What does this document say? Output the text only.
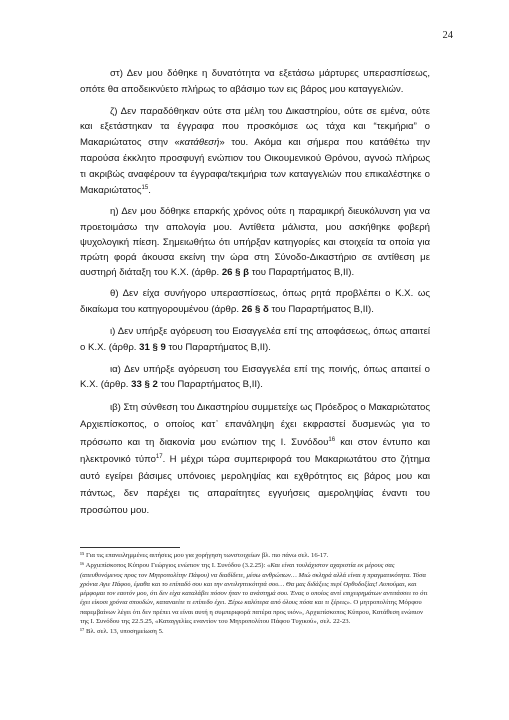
24

στ) Δεν μου δόθηκε η δυνατότητα να εξετάσω μάρτυρες υπερασπίσεως, οπότε θα αποδεικνύετο πλήρως το αβάσιμο των εις βάρος μου καταγγελιών.

ζ) Δεν παραδόθηκαν ούτε στα μέλη του Δικαστηρίου, ούτε σε εμένα, ούτε και εξετάστηκαν τα έγγραφα που προσκόμισε ως τάχα και “τεκμήρια” ο Μακαριώτατος στην «κατάθεσή» του. Ακόμα και σήμερα που κατάθέτω την παρούσα έκκλητο προσφυγή ενώπιον του Οικουμενικού Θρόνου, αγνοώ πλήρως τι ακριβώς αναφέρουν τα έγγραφα/τεκμήρια των καταγγελιών που επικαλέστηκε ο Μακαριώτατος$^{15}$.

η) Δεν μου δόθηκε επαρκής χρόνος ούτε η παραμικρή διευκόλυνση για να προετοιμάσω την απολογία μου. Αντίθετα μάλιστα, μου ασκήθηκε φοβερή ψυχολογική πίεση. Σημειωθήτω ότι υπήρξαν κατηγορίες και στοιχεία τα οποία για πρώτη φορά άκουσα εκείνη την ώρα στη Σύνοδο-Δικαστήριο σε αντίθεση με αυστηρή διάταξη του Κ.Χ. (άρθρ. 26 § β του Παραρτήματος Β,ΙΙ).

θ) Δεν είχα συνήγορο υπερασπίσεως, όπως ρητά προβλέπει ο Κ.Χ. ως δικαίωμα του κατηγορουμένου (άρθρ. 26 § δ του Παραρτήματος Β,ΙΙ).

ι) Δεν υπήρξε αγόρευση του Εισαγγελέα επί της αποφάσεως, όπως απαιτεί ο Κ.Χ. (άρθρ. 31 § 9 του Παραρτήματος Β,ΙΙ).

ια) Δεν υπήρξε αγόρευση του Εισαγγελέα επί της ποινής, όπως απαιτεί ο Κ.Χ. (άρθρ. 33 § 2 του Παραρτήματος Β,ΙΙ).

ιβ) Στη σύνθεση του Δικαστηρίου συμμετείχε ως Πρόεδρος ο Μακαριώτατος Αρχιεπίσκοπος, ο οποίος κατ᾽ επανάληψη έχει εκφραστεί δυσμενώς για το πρόσωπο και τη διακονία μου ενώπιον της Ι. Συνόδου$^{16}$ και στον έντυπο και ηλεκτρονικό τύπο$^{17}$. Η μέχρι τώρα συμπεριφορά του Μακαριωτάτου στο ζήτημα αυτό εγείρει βάσιμες υπόνοιες μεροληψίας και εχθρότητος εις βάρος μου και πάντως, δεν παρέχει τις απαραίτητες εγγυήσεις αμεροληψίας έναντι του προσώπου μου.

¹⁵ Για τις επανειλημμένες αιτήσεις μου για χορήγηση τωνστοιχείων βλ. πιο πάνω σελ. 16-17.

¹⁶ Αρχιεπίσκοπος Κύπρου Γεώργιος ενώπιον της Ι. Συνόδου (3.2.25): «Και είναι τουλάχιστον αχαριστία εκ μέρους σας (απευθυνόμενος προς τον Μητροπολίτην Πάφου) να διαδίδετε, μέσω ανθρώπων… Μιώ σκληρά αλλά είναι η πραγματικότητα. Τόσα χρόνια Αγιε Πάφου, έμαθα και το επίπαδό σου και την αντιληπτικότητά σου… Θα μας διδάξεις περί Ορθοδοξίας! Λυπούμαι, και μέμφομαι τον εαυτόν μου, ότι δεν είχα καταλάβει πόσον ήταν το ανάστημά σου. Ένας ο οποίος αντί επιχειρημάτων αντιτάσσει το ότι έχει είκοσι χρόνια σπουδών, καταναείτε τι επίπεδο έχει. Ξέρω καλύτερα από όλους πόσα και τι ξέρεις». Ο μητροπολίτης Μόρφου παρεμβαίνων λέγει ότι δεν πρέπει να είναι αυτή η συμπεριφορά πατέρα προς υιόν», Αρχιεπίσκοπος Κύπρου, Κατάθεση ενώπιον της Ι. Συνόδου της 22.5.25, «Καταγγελίες εναντίον του Μητροπολίτου Πάφου Τυχικού», σελ. 22-23.

¹⁷ Βλ. σελ. 13, υποσημείωση 5.
